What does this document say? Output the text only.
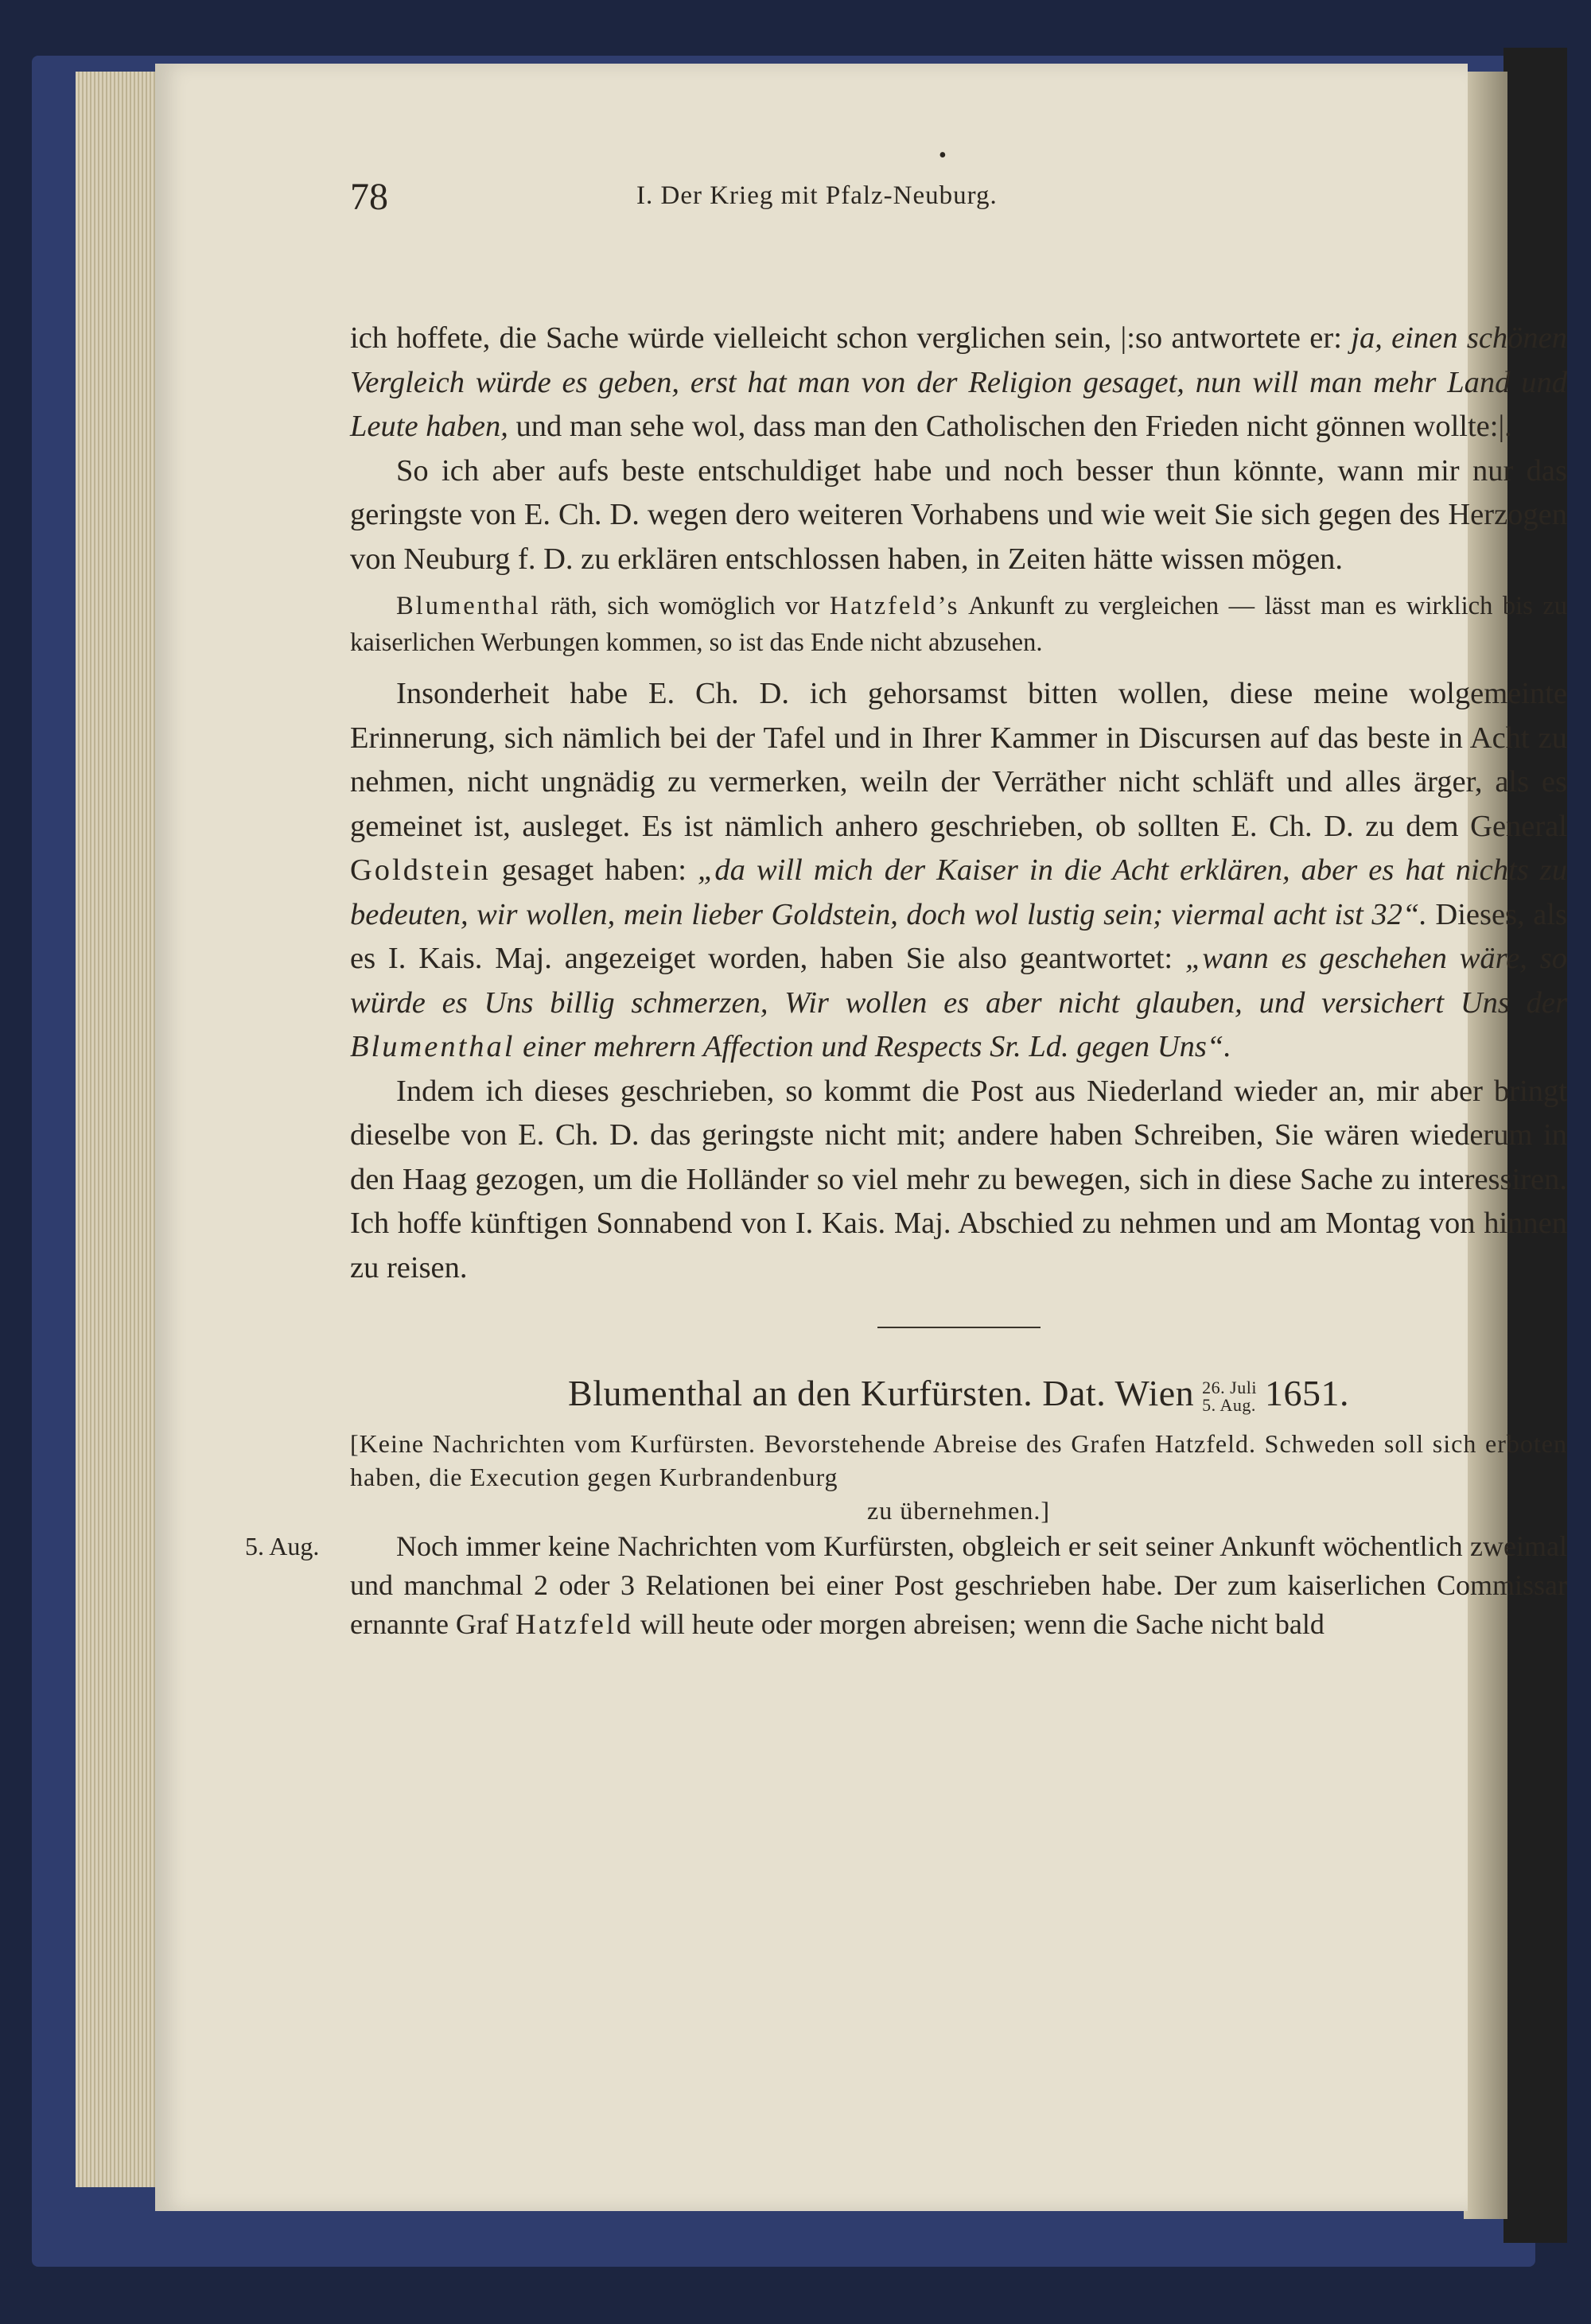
•
78	I. Der Krieg mit Pfalz-Neuburg.

ich hoffete, die Sache würde vielleicht schon verglichen sein, |:so antwortete er: ja, einen schönen Vergleich würde es geben, erst hat man von der Religion gesaget, nun will man mehr Land und Leute haben, und man sehe wol, dass man den Catholischen den Frieden nicht gönnen wollte:|.

So ich aber aufs beste entschuldiget habe und noch besser thun könnte, wann mir nur das geringste von E. Ch. D. wegen dero weiteren Vorhabens und wie weit Sie sich gegen des Herzogen von Neuburg f. D. zu erklären entschlossen haben, in Zeiten hätte wissen mögen.

Blumenthal räth, sich womöglich vor Hatzfeld’s Ankunft zu vergleichen — lässt man es wirklich bis zu kaiserlichen Werbungen kommen, so ist das Ende nicht abzusehen.

Insonderheit habe E. Ch. D. ich gehorsamst bitten wollen, diese meine wolgemeinte Erinnerung, sich nämlich bei der Tafel und in Ihrer Kammer in Discursen auf das beste in Acht zu nehmen, nicht ungnädig zu vermerken, weiln der Verräther nicht schläft und alles ärger, als es gemeinet ist, ausleget. Es ist nämlich anhero geschrieben, ob sollten E. Ch. D. zu dem General Goldstein gesaget haben: „da will mich der Kaiser in die Acht erklären, aber es hat nichts zu bedeuten, wir wollen, mein lieber Goldstein, doch wol lustig sein; viermal acht ist 32“. Dieses, als es I. Kais. Maj. angezeiget worden, haben Sie also geantwortet: „wann es geschehen wäre, so würde es Uns billig schmerzen, Wir wollen es aber nicht glauben, und versichert Uns der Blumenthal einer mehrern Affection und Respects Sr. Ld. gegen Uns“.

Indem ich dieses geschrieben, so kommt die Post aus Niederland wieder an, mir aber bringt dieselbe von E. Ch. D. das geringste nicht mit; andere haben Schreiben, Sie wären wiederum in den Haag gezogen, um die Holländer so viel mehr zu bewegen, sich in diese Sache zu interessiren. Ich hoffe künftigen Sonnabend von I. Kais. Maj. Abschied zu nehmen und am Montag von hinnen zu reisen.

Blumenthal an den Kurfürsten. Dat. Wien 26. Juli
5. Aug. 1651.
[Keine Nachrichten vom Kurfürsten. Bevorstehende Abreise des Grafen Hatzfeld. Schweden soll sich erboten haben, die Execution gegen Kurbrandenburg
zu übernehmen.]

5. Aug.	Noch immer keine Nachrichten vom Kurfürsten, obgleich er seit seiner Ankunft wöchentlich zweimal und manchmal 2 oder 3 Relationen bei einer Post geschrieben habe. Der zum kaiserlichen Commissar ernannte Graf Hatzfeld will heute oder morgen abreisen; wenn die Sache nicht bald
